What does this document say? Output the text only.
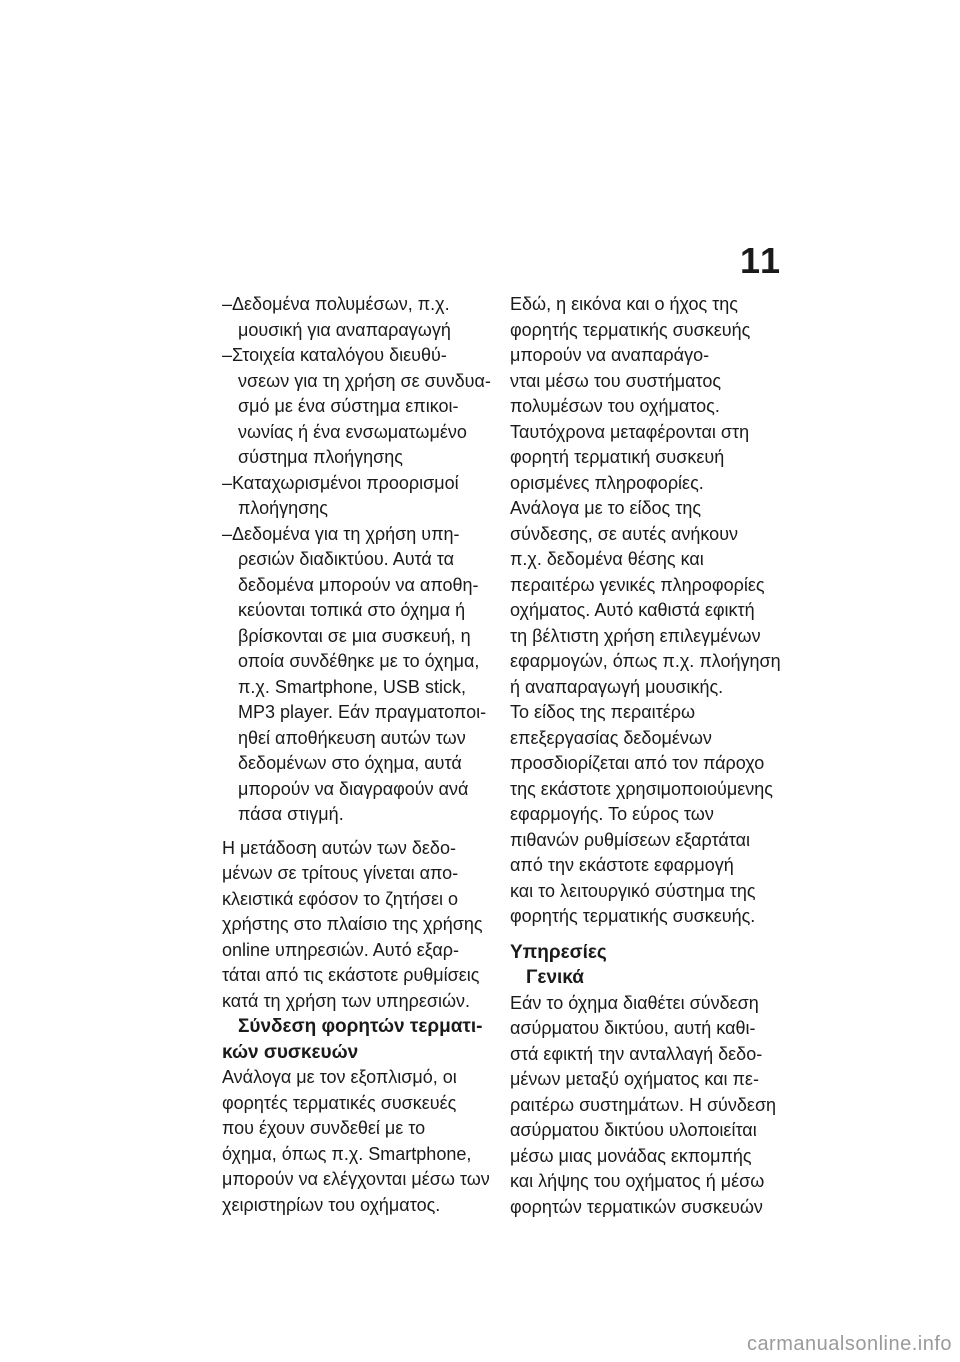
11
–Δεδομένα πολυμέσων, π.χ.
μουσική για αναπαραγωγή
–Στοιχεία καταλόγου διευθύ-
νσεων για τη χρήση σε συνδυα-
σμό με ένα σύστημα επικοι-
νωνίας ή ένα ενσωματωμένο
σύστημα πλοήγησης
–Καταχωρισμένοι προορισμοί
πλοήγησης
–Δεδομένα για τη χρήση υπη-
ρεσιών διαδικτύου. Αυτά τα
δεδομένα μπορούν να αποθη-
κεύονται τοπικά στο όχημα ή
βρίσκονται σε μια συσκευή, η
οποία συνδέθηκε με το όχημα,
π.χ. Smartphone, USB stick,
MP3 player. Εάν πραγματοποι-
ηθεί αποθήκευση αυτών των
δεδομένων στο όχημα, αυτά
μπορούν να διαγραφούν ανά
πάσα στιγμή.
Η μετάδοση αυτών των δεδο-
μένων σε τρίτους γίνεται απο-
κλειστικά εφόσον το ζητήσει ο
χρήστης στο πλαίσιο της χρήσης
online υπηρεσιών. Αυτό εξαρ-
τάται από τις εκάστοτε ρυθμίσεις
κατά τη χρήση των υπηρεσιών.
Σύνδεση φορητών τερματι-
κών συσκευών
Ανάλογα με τον εξοπλισμό, οι
φορητές τερματικές συσκευές
που έχουν συνδεθεί με το
όχημα, όπως π.χ. Smartphone,
μπορούν να ελέγχονται μέσω των
χειριστηρίων του οχήματος.
Εδώ, η εικόνα και ο ήχος της
φορητής τερματικής συσκευής
μπορούν να αναπαράγο-
νται μέσω του συστήματος
πολυμέσων του οχήματος.
Ταυτόχρονα μεταφέρονται στη
φορητή τερματική συσκευή
ορισμένες πληροφορίες.
Ανάλογα με το είδος της
σύνδεσης, σε αυτές ανήκουν
π.χ. δεδομένα θέσης και
περαιτέρω γενικές πληροφορίες
οχήματος. Αυτό καθιστά εφικτή
τη βέλτιστη χρήση επιλεγμένων
εφαρμογών, όπως π.χ. πλοήγηση
ή αναπαραγωγή μουσικής.
Το είδος της περαιτέρω
επεξεργασίας δεδομένων
προσδιορίζεται από τον πάροχο
της εκάστοτε χρησιμοποιούμενης
εφαρμογής. Το εύρος των
πιθανών ρυθμίσεων εξαρτάται
από την εκάστοτε εφαρμογή
και το λειτουργικό σύστημα της
φορητής τερματικής συσκευής.
Υπηρεσίες
Γενικά
Εάν το όχημα διαθέτει σύνδεση
ασύρματου δικτύου, αυτή καθι-
στά εφικτή την ανταλλαγή δεδο-
μένων μεταξύ οχήματος και πε-
ραιτέρω συστημάτων. Η σύνδεση
ασύρματου δικτύου υλοποιείται
μέσω μιας μονάδας εκπομπής
και λήψης του οχήματος ή μέσω
φορητών τερματικών συσκευών
carmanualsonline.info
